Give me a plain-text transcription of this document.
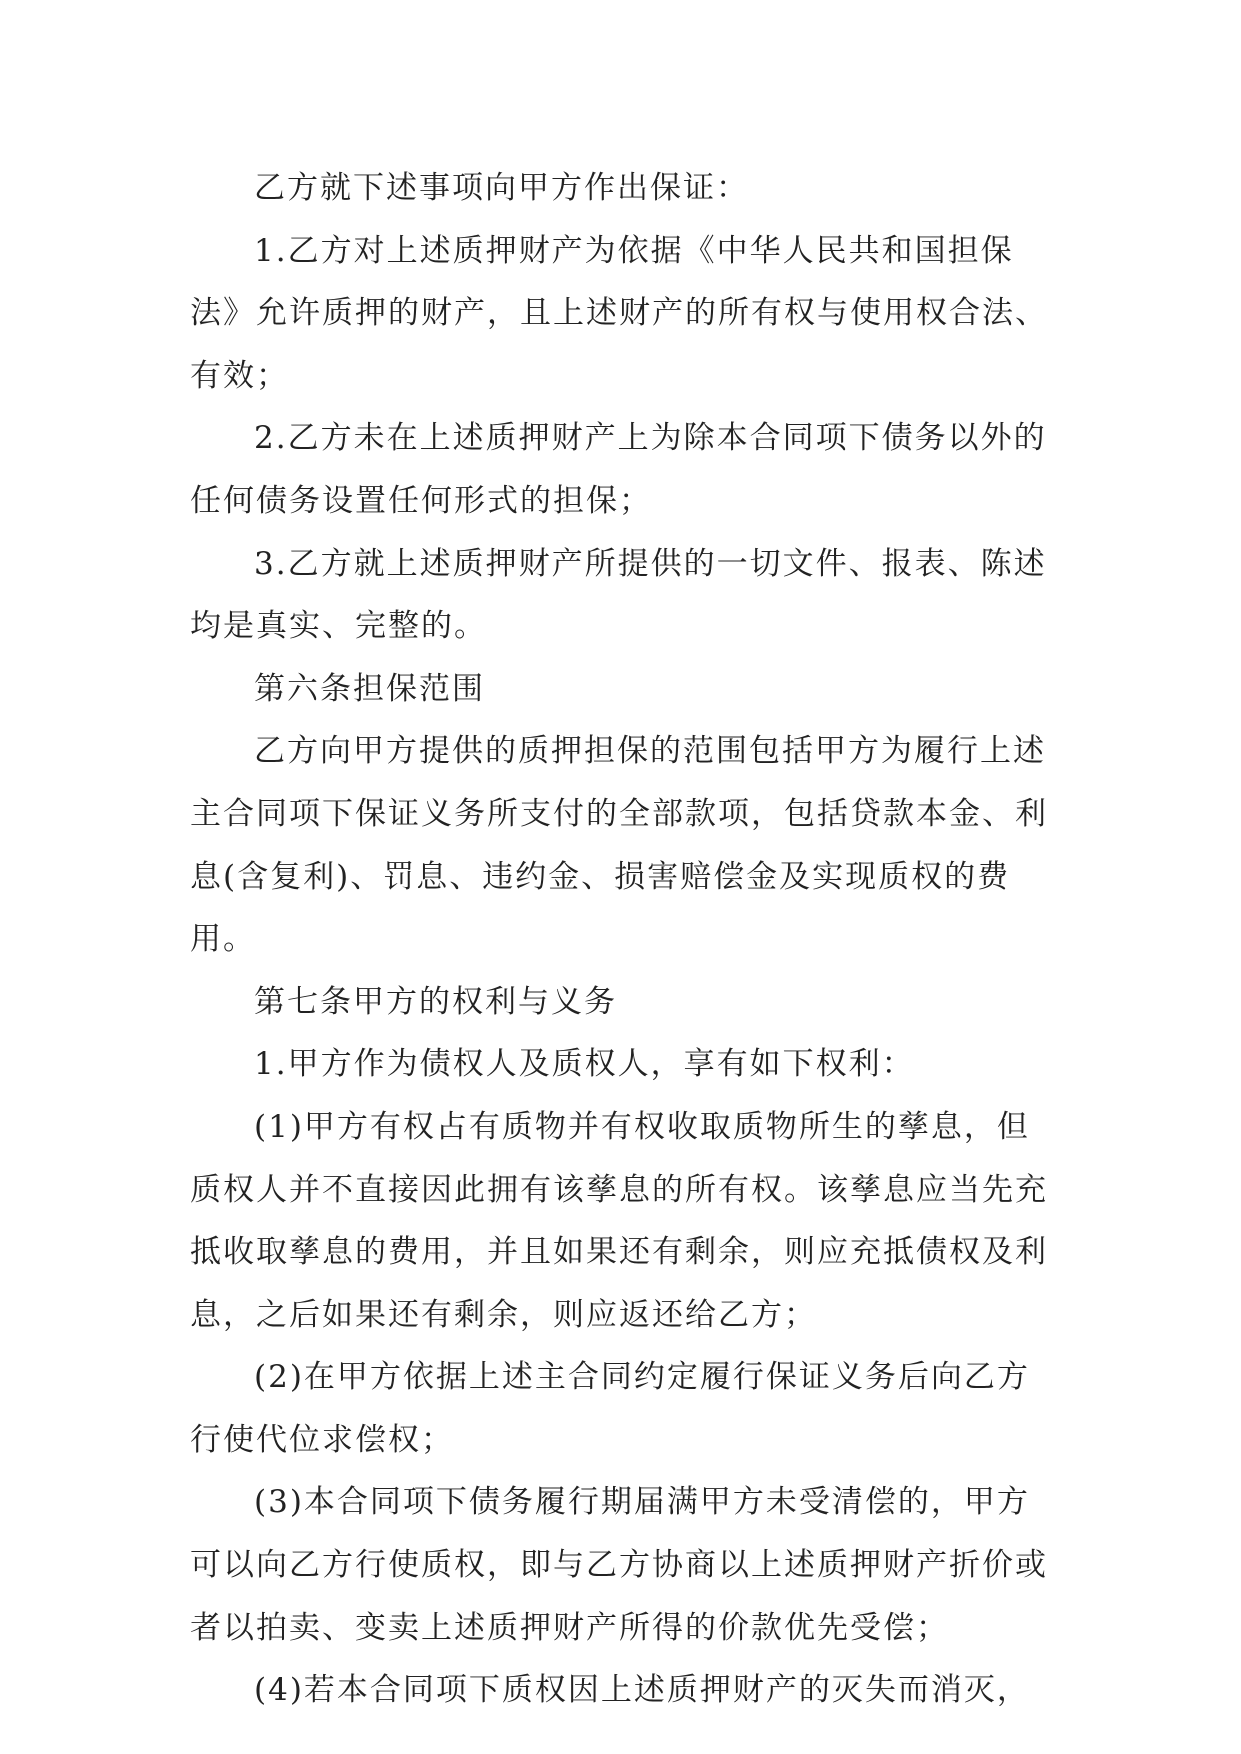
乙方就下述事项向甲方作出保证：

1.乙方对上述质押财产为依据《中华人民共和国担保法》允许质押的财产，且上述财产的所有权与使用权合法、有效；

2.乙方未在上述质押财产上为除本合同项下债务以外的任何债务设置任何形式的担保；

3.乙方就上述质押财产所提供的一切文件、报表、陈述均是真实、完整的。

第六条担保范围

乙方向甲方提供的质押担保的范围包括甲方为履行上述主合同项下保证义务所支付的全部款项，包括贷款本金、利息(含复利)、罚息、违约金、损害赔偿金及实现质权的费用。

第七条甲方的权利与义务

1.甲方作为债权人及质权人，享有如下权利：

(1)甲方有权占有质物并有权收取质物所生的孳息，但质权人并不直接因此拥有该孳息的所有权。该孳息应当先充抵收取孳息的费用，并且如果还有剩余，则应充抵债权及利息，之后如果还有剩余，则应返还给乙方；

(2)在甲方依据上述主合同约定履行保证义务后向乙方行使代位求偿权；

(3)本合同项下债务履行期届满甲方未受清偿的，甲方可以向乙方行使质权，即与乙方协商以上述质押财产折价或者以拍卖、变卖上述质押财产所得的价款优先受偿；

(4)若本合同项下质权因上述质押财产的灭失而消灭，
